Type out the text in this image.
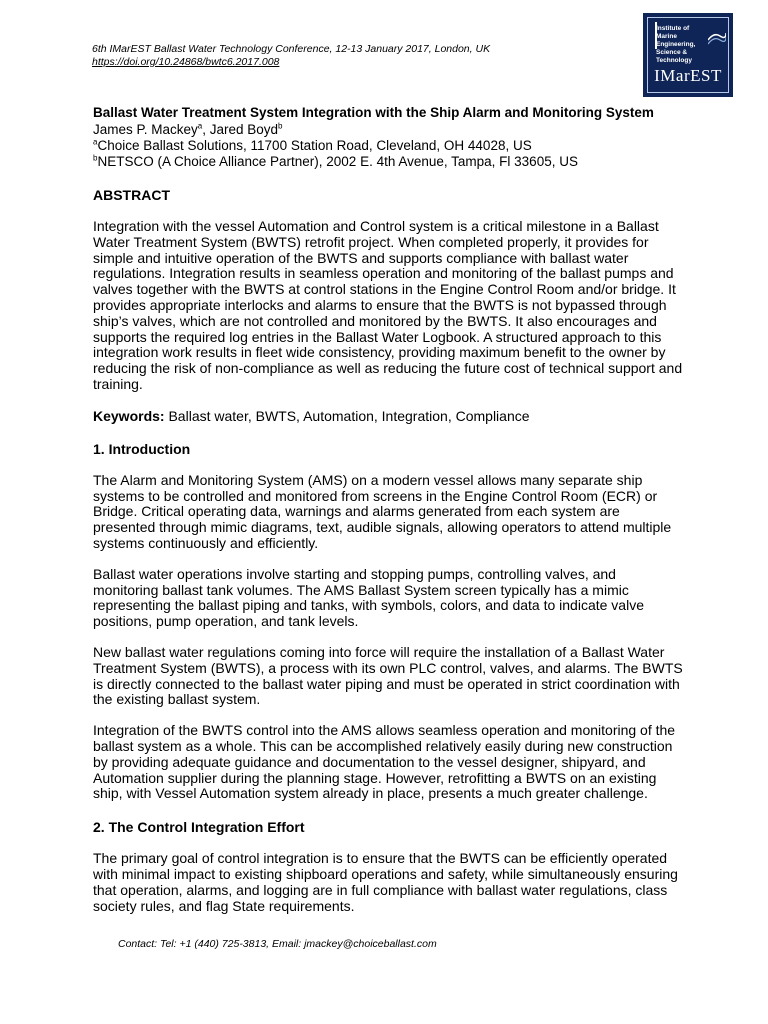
6th IMarEST Ballast Water Technology Conference, 12-13 January 2017, London, UK
https://doi.org/10.24868/bwtc6.2017.008
Institute of
Marine Engineering,
Science & Technology
IMarEST
Ballast Water Treatment System Integration with the Ship Alarm and Monitoring System
James P. Mackey$^a$, Jared Boyd$^b$
$^a$Choice Ballast Solutions, 11700 Station Road, Cleveland, OH 44028, US
$^b$NETSCO (A Choice Alliance Partner), 2002 E. 4th Avenue, Tampa, Fl 33605, US
ABSTRACT

Integration with the vessel Automation and Control system is a critical milestone in a Ballast Water Treatment System (BWTS) retrofit project. When completed properly, it provides for simple and intuitive operation of the BWTS and supports compliance with ballast water regulations. Integration results in seamless operation and monitoring of the ballast pumps and valves together with the BWTS at control stations in the Engine Control Room and/or bridge. It provides appropriate interlocks and alarms to ensure that the BWTS is not bypassed through ship’s valves, which are not controlled and monitored by the BWTS. It also encourages and supports the required log entries in the Ballast Water Logbook. A structured approach to this integration work results in fleet wide consistency, providing maximum benefit to the owner by reducing the risk of non-compliance as well as reducing the future cost of technical support and training.

Keywords: Ballast water, BWTS, Automation, Integration, Compliance
1. Introduction

The Alarm and Monitoring System (AMS) on a modern vessel allows many separate ship systems to be controlled and monitored from screens in the Engine Control Room (ECR) or Bridge. Critical operating data, warnings and alarms generated from each system are presented through mimic diagrams, text, audible signals, allowing operators to attend multiple systems continuously and efficiently.

Ballast water operations involve starting and stopping pumps, controlling valves, and monitoring ballast tank volumes. The AMS Ballast System screen typically has a mimic representing the ballast piping and tanks, with symbols, colors, and data to indicate valve positions, pump operation, and tank levels.

New ballast water regulations coming into force will require the installation of a Ballast Water Treatment System (BWTS), a process with its own PLC control, valves, and alarms. The BWTS is directly connected to the ballast water piping and must be operated in strict coordination with the existing ballast system.

Integration of the BWTS control into the AMS allows seamless operation and monitoring of the ballast system as a whole. This can be accomplished relatively easily during new construction by providing adequate guidance and documentation to the vessel designer, shipyard, and Automation supplier during the planning stage. However, retrofitting a BWTS on an existing ship, with Vessel Automation system already in place, presents a much greater challenge.

2. The Control Integration Effort

The primary goal of control integration is to ensure that the BWTS can be efficiently operated with minimal impact to existing shipboard operations and safety, while simultaneously ensuring that operation, alarms, and logging are in full compliance with ballast water regulations, class society rules, and flag State requirements.

Contact: Tel: +1 (440) 725-3813, Email: jmackey@choiceballast.com
